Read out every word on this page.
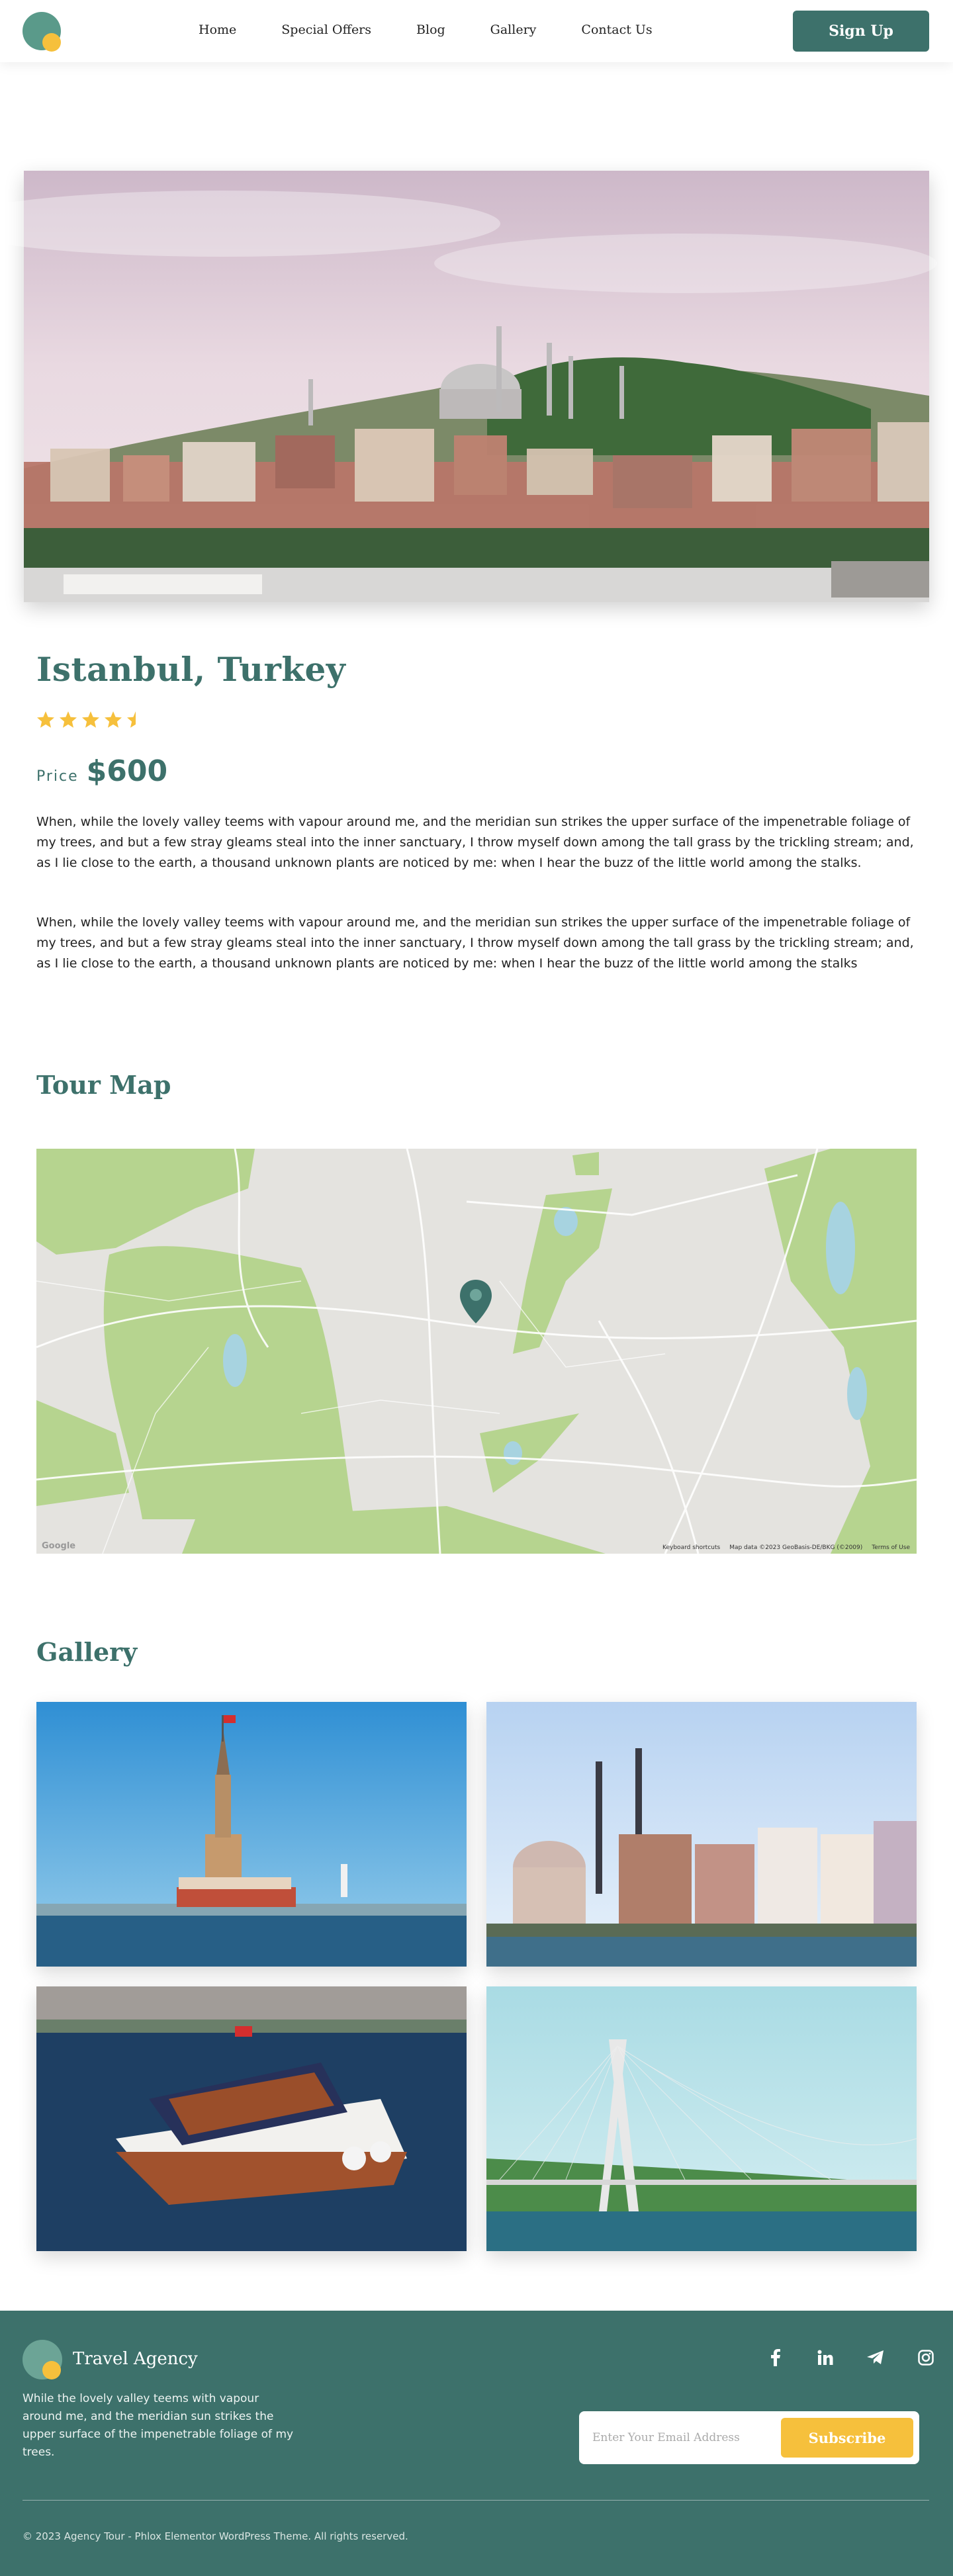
Home	Special Offers	Blog	Gallery	Contact Us	Sign Up
Istanbul, Turkey
Price $600

When, while the lovely valley teems with vapour around me, and the meridian sun strikes the upper surface of the impenetrable foliage of my trees, and but a few stray gleams steal into the inner sanctuary, I throw myself down among the tall grass by the trickling stream; and, as I lie close to the earth, a thousand unknown plants are noticed by me: when I hear the buzz of the little world among the stalks.

When, while the lovely valley teems with vapour around me, and the meridian sun strikes the upper surface of the impenetrable foliage of my trees, and but a few stray gleams steal into the inner sanctuary, I throw myself down among the tall grass by the trickling stream; and, as I lie close to the earth, a thousand unknown plants are noticed by me: when I hear the buzz of the little world among the stalks

Tour Map
Google	Keyboard shortcuts Map data ©2023 GeoBasis-DE/BKG (©2009) Terms of Use
Gallery
Travel Agency

While the lovely valley teems with vapour around me, and the meridian sun strikes the upper surface of the impenetrable foliage of my trees.

Enter Your Email Address
Subscribe
© 2023 Agency Tour - Phlox Elementor WordPress Theme. All rights reserved.
